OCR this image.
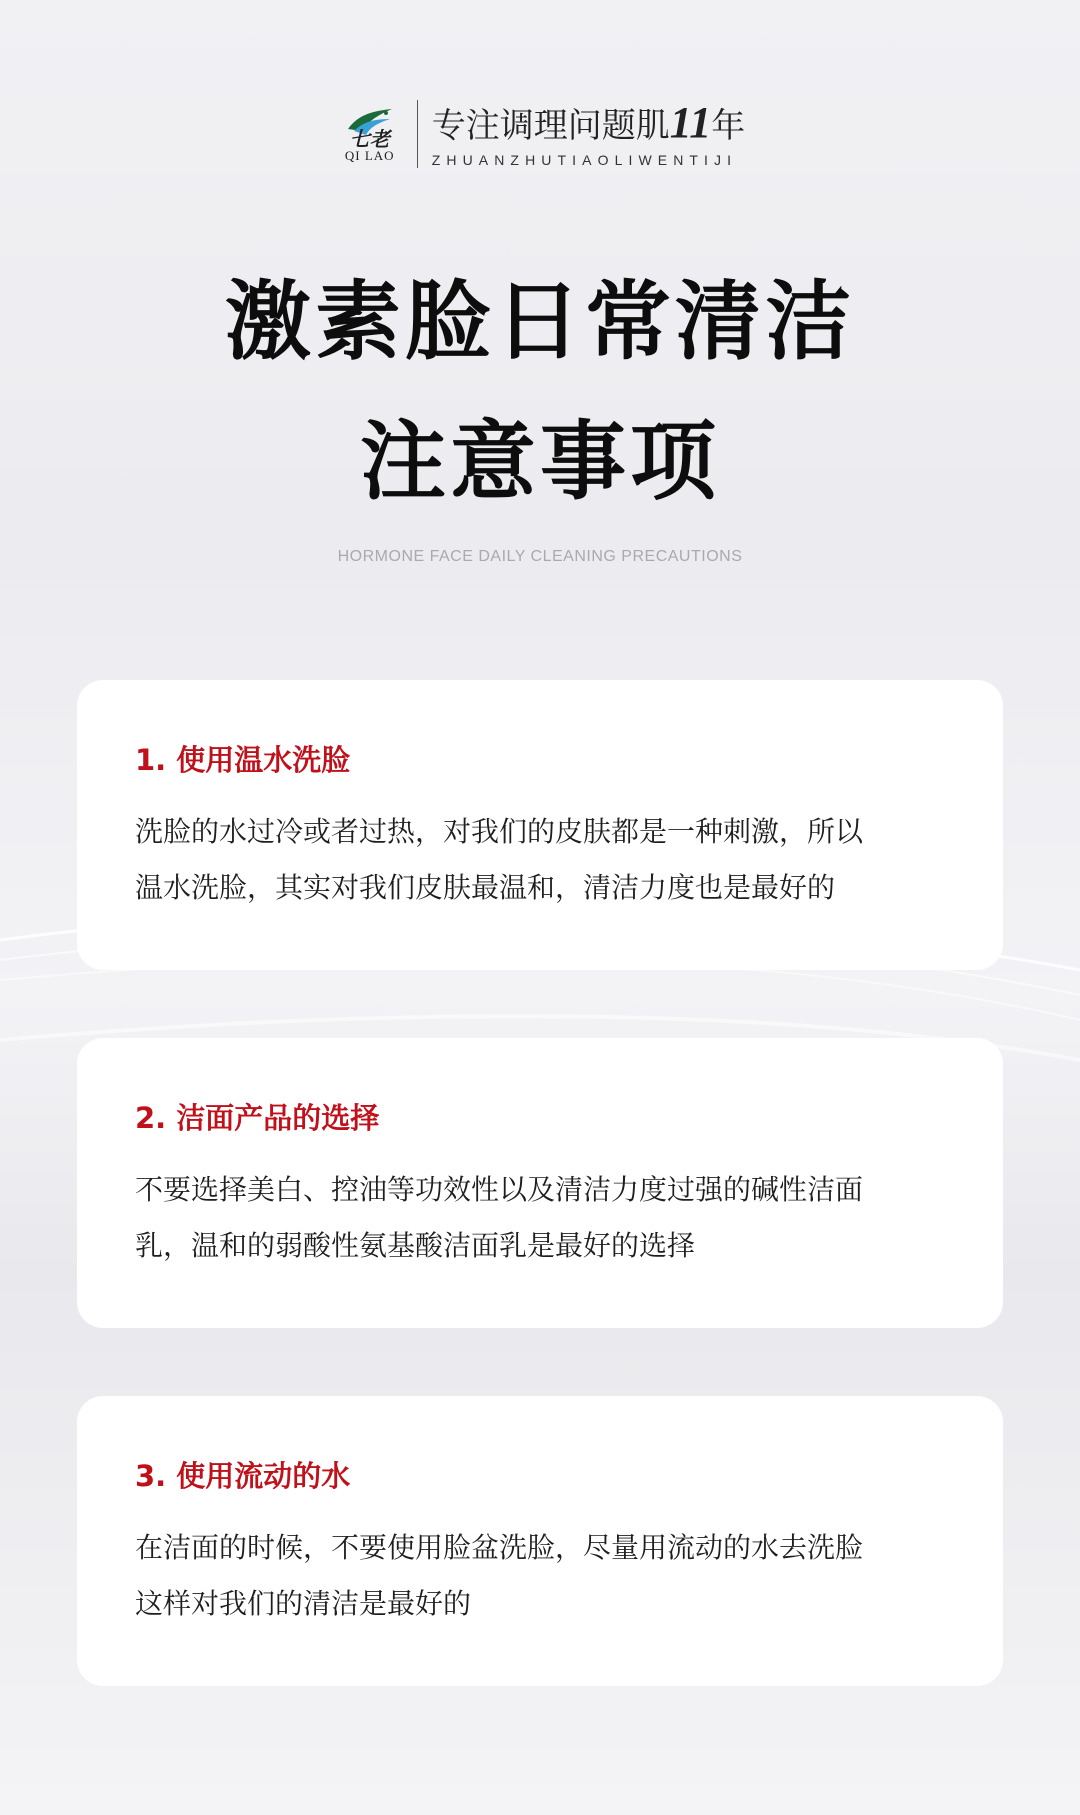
七老
QI LAO
专注调理问题肌11年
ZHUANZHUTIAOLIWENTIJI
激素脸日常清洁
注意事项
HORMONE FACE DAILY CLEANING PRECAUTIONS
1. 使用温水洗脸
洗脸的水过冷或者过热，对我们的皮肤都是一种刺激，所以
温水洗脸，其实对我们皮肤最温和，清洁力度也是最好的
2. 洁面产品的选择
不要选择美白、控油等功效性以及清洁力度过强的碱性洁面
乳，温和的弱酸性氨基酸洁面乳是最好的选择
3. 使用流动的水
在洁面的时候，不要使用脸盆洗脸，尽量用流动的水去洗脸
这样对我们的清洁是最好的
